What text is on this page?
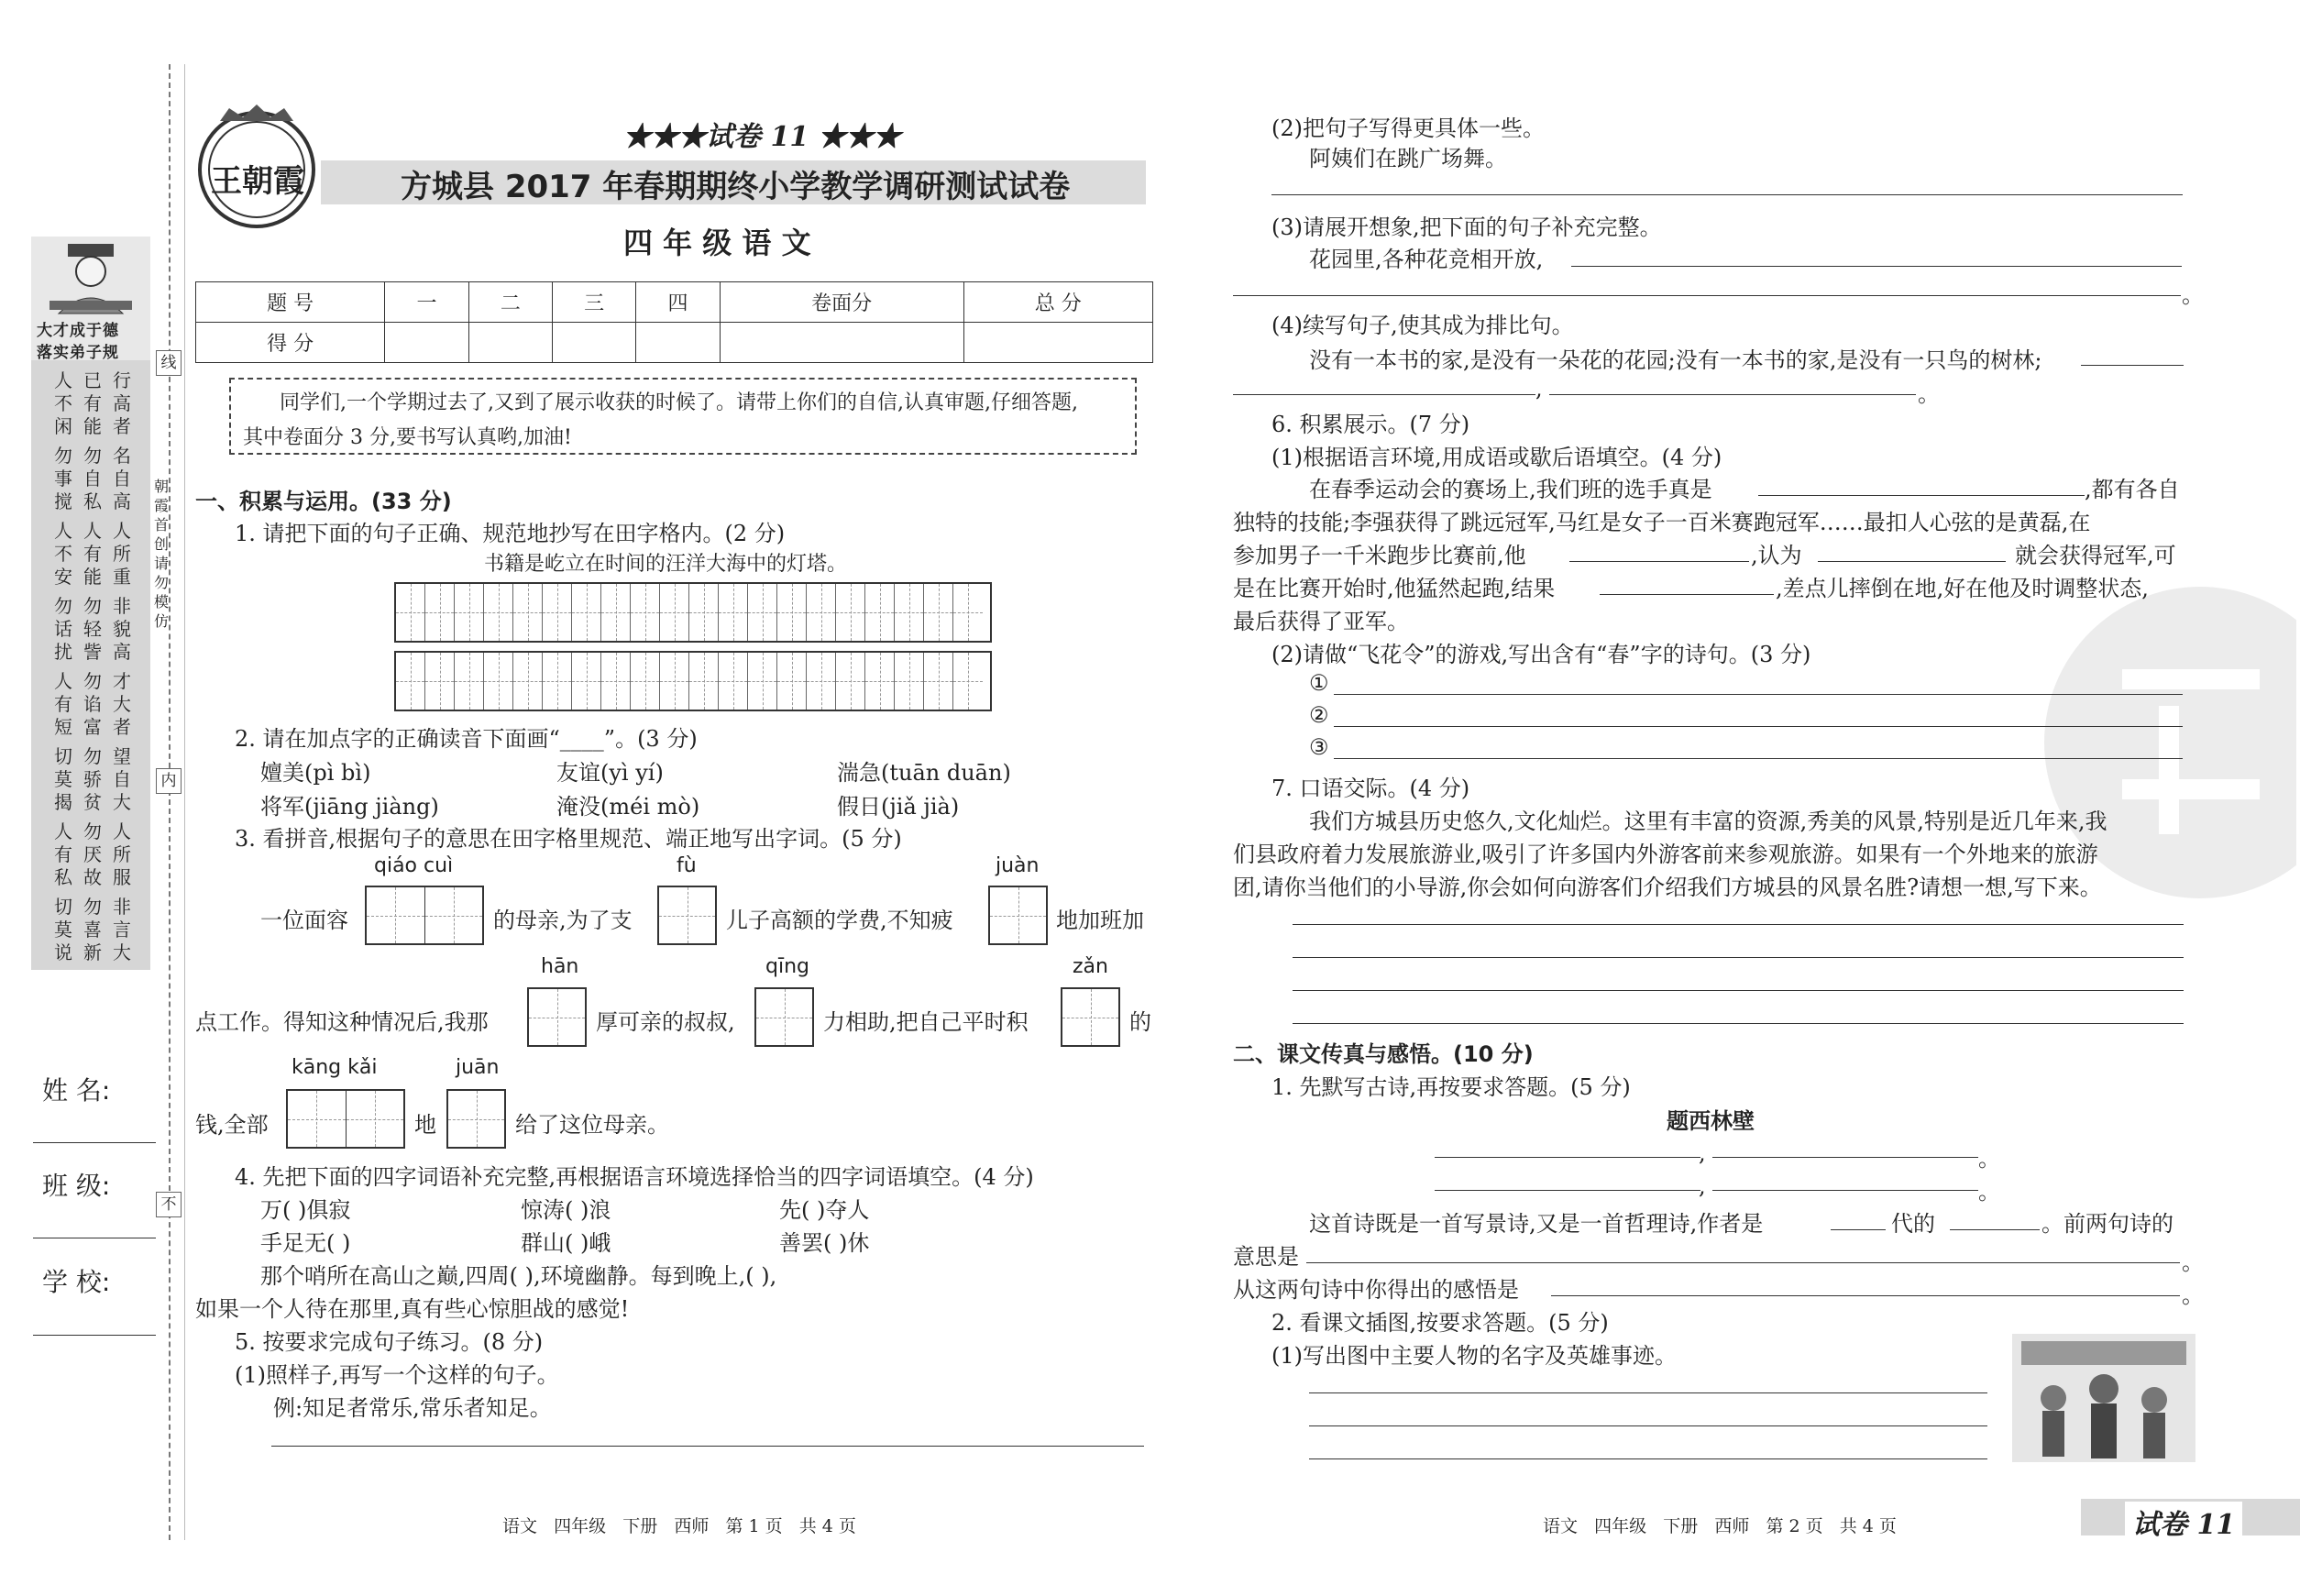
大才成于德
落实弟子规
人不闲
已有能
行高者
勿事搅
勿自私
名自高
人不安
人有能
人所重
勿话扰
勿轻訾
非貌高
人有短
勿谄富
才大者
切莫揭
勿骄贫
望自大
人有私
勿厌故
人所服
切莫说
勿喜新
非言大
姓 名:
班 级:
学 校:
线
内
不
朝霞首创 请勿模仿
王朝霞
★★★试卷 11 ★★★
方城县 2017 年春期期终小学教学调研测试试卷
四 年 级 语 文
题 号	一	二	三	四	卷面分	总 分
得 分						
同学们,一个学期过去了,又到了展示收获的时候了。请带上你们的自信,认真审题,仔细答题,
其中卷面分 3 分,要书写认真哟,加油!
一、积累与运用。(33 分)
1. 请把下面的句子正确、规范地抄写在田字格内。(2 分)
书籍是屹立在时间的汪洋大海中的灯塔。
2. 请在加点字的正确读音下面画“____”。(3 分)
嬗美(pì bì)	友谊(yì yí)	湍急(tuān duān)
将军(jiāng jiàng)	淹没(méi mò)	假日(jiǎ jià)
3. 看拼音,根据句子的意思在田字格里规范、端正地写出字词。(5 分)
qiáo cuì	fù	juàn
一位面容	的母亲,为了支	儿子高额的学费,不知疲	地加班加
hān	qīng	zǎn
点工作。得知这种情况后,我那	厚可亲的叔叔,	力相助,把自己平时积	的
kāng kǎi	juān
钱,全部	地	给了这位母亲。
4. 先把下面的四字词语补充完整,再根据语言环境选择恰当的四字词语填空。(4 分)
万( )俱寂	惊涛( )浪	先( )夺人
手足无( )	群山( )峨	善罢( )休
那个哨所在高山之巅,四周( ),环境幽静。每到晚上,( ),
如果一个人待在那里,真有些心惊胆战的感觉!
5. 按要求完成句子练习。(8 分)
(1)照样子,再写一个这样的句子。
例:知足者常乐,常乐者知足。
语文   四年级   下册   西师   第 1 页   共 4 页
(2)把句子写得更具体一些。
阿姨们在跳广场舞。
(3)请展开想象,把下面的句子补充完整。
花园里,各种花竞相开放,
。
(4)续写句子,使其成为排比句。
没有一本书的家,是没有一朵花的花园;没有一本书的家,是没有一只鸟的树林;
,	。
6. 积累展示。(7 分)
(1)根据语言环境,用成语或歇后语填空。(4 分)
在春季运动会的赛场上,我们班的选手真是	,都有各自
独特的技能;李强获得了跳远冠军,马红是女子一百米赛跑冠军……最扣人心弦的是黄磊,在
参加男子一千米跑步比赛前,他	,认为	就会获得冠军,可
是在比赛开始时,他猛然起跑,结果	,差点儿摔倒在地,好在他及时调整状态,
最后获得了亚军。
(2)请做“飞花令”的游戏,写出含有“春”字的诗句。(3 分)
①
②
③
7. 口语交际。(4 分)
我们方城县历史悠久,文化灿烂。这里有丰富的资源,秀美的风景,特别是近几年来,我
们县政府着力发展旅游业,吸引了许多国内外游客前来参观旅游。如果有一个外地来的旅游
团,请你当他们的小导游,你会如何向游客们介绍我们方城县的风景名胜?请想一想,写下来。
二、课文传真与感悟。(10 分)
1. 先默写古诗,再按要求答题。(5 分)
题西林壁
,	。
,	。
这首诗既是一首写景诗,又是一首哲理诗,作者是	代的	。前两句诗的
意思是	。
从这两句诗中你得出的感悟是	。
2. 看课文插图,按要求答题。(5 分)
(1)写出图中主要人物的名字及英雄事迹。
语文   四年级   下册   西师   第 2 页   共 4 页	试卷 11
